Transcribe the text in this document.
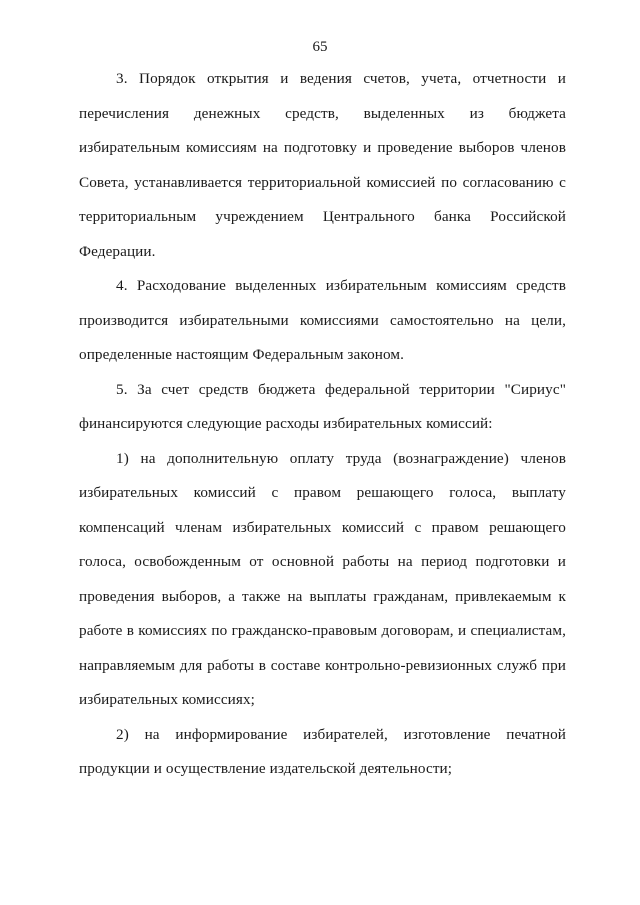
65

3. Порядок открытия и ведения счетов, учета, отчетности и перечисления денежных средств, выделенных из бюджета избирательным комиссиям на подготовку и проведение выборов членов Совета, устанавливается территориальной комиссией по согласованию с территориальным учреждением Центрального банка Российской Федерации.

4. Расходование выделенных избирательным комиссиям средств производится избирательными комиссиями самостоятельно на цели, определенные настоящим Федеральным законом.

5. За счет средств бюджета федеральной территории "Сириус" финансируются следующие расходы избирательных комиссий:

1) на дополнительную оплату труда (вознаграждение) членов избирательных комиссий с правом решающего голоса, выплату компенсаций членам избирательных комиссий с правом решающего голоса, освобожденным от основной работы на период подготовки и проведения выборов, а также на выплаты гражданам, привлекаемым к работе в комиссиях по гражданско-правовым договорам, и специалистам, направляемым для работы в составе контрольно-ревизионных служб при избирательных комиссиях;

2) на информирование избирателей, изготовление печатной продукции и осуществление издательской деятельности;
